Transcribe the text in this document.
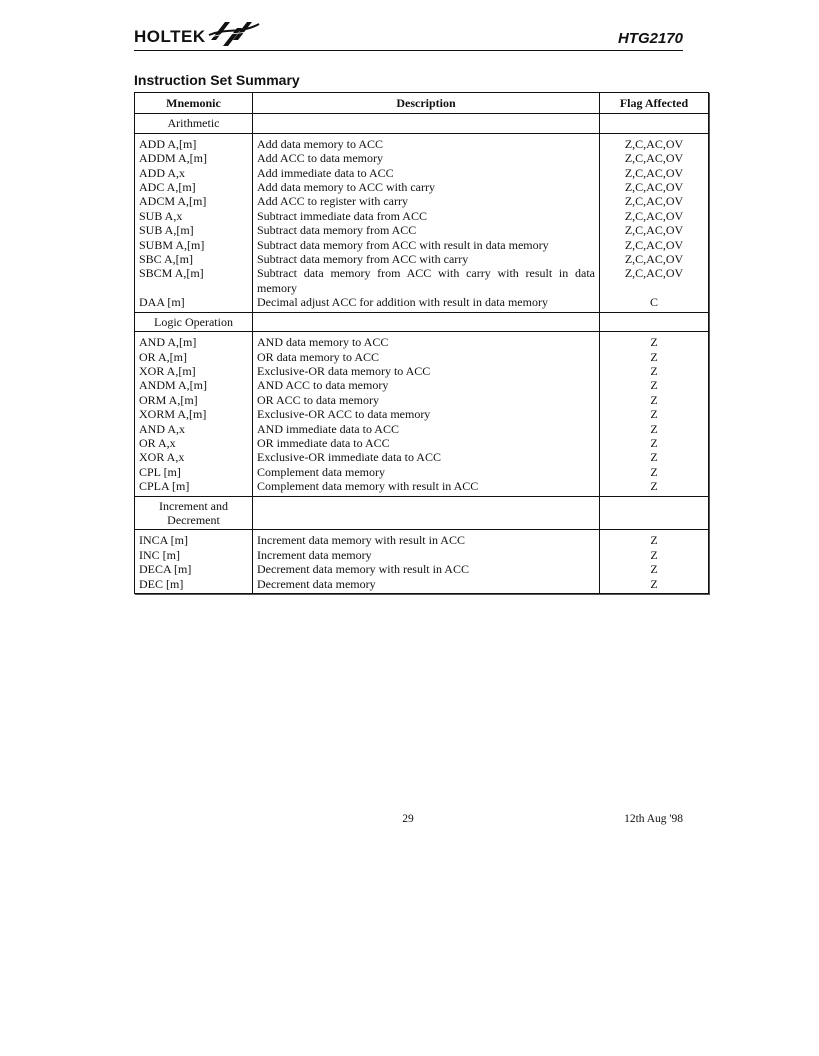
HOLTEK	HTG2170
Instruction Set Summary
Mnemonic	Description	Flag Affected
Arithmetic		
ADD A,[m]	Add data memory to ACC	Z,C,AC,OV
ADDM A,[m]	Add ACC to data memory	Z,C,AC,OV
ADD A,x	Add immediate data to ACC	Z,C,AC,OV
ADC A,[m]	Add data memory to ACC with carry	Z,C,AC,OV
ADCM A,[m]	Add ACC to register with carry	Z,C,AC,OV
SUB A,x	Subtract immediate data from ACC	Z,C,AC,OV
SUB A,[m]	Subtract data memory from ACC	Z,C,AC,OV
SUBM A,[m]	Subtract data memory from ACC with result in data memory	Z,C,AC,OV
SBC A,[m]	Subtract data memory from ACC with carry	Z,C,AC,OV
SBCM A,[m]	Subtract data memory from ACC with carry with result in data memory	Z,C,AC,OV
DAA [m]	Decimal adjust ACC for addition with result in data memory	C
Logic Operation		
AND A,[m]	AND data memory to ACC	Z
OR A,[m]	OR data memory to ACC	Z
XOR A,[m]	Exclusive-OR data memory to ACC	Z
ANDM A,[m]	AND ACC to data memory	Z
ORM A,[m]	OR ACC to data memory	Z
XORM A,[m]	Exclusive-OR ACC to data memory	Z
AND A,x	AND immediate data to ACC	Z
OR A,x	OR immediate data to ACC	Z
XOR A,x	Exclusive-OR immediate data to ACC	Z
CPL [m]	Complement data memory	Z
CPLA [m]	Complement data memory with result in ACC	Z
Increment and Decrement		
INCA [m]	Increment data memory with result in ACC	Z
INC [m]	Increment data memory	Z
DECA [m]	Decrement data memory with result in ACC	Z
DEC [m]	Decrement data memory	Z
29	12th Aug '98
